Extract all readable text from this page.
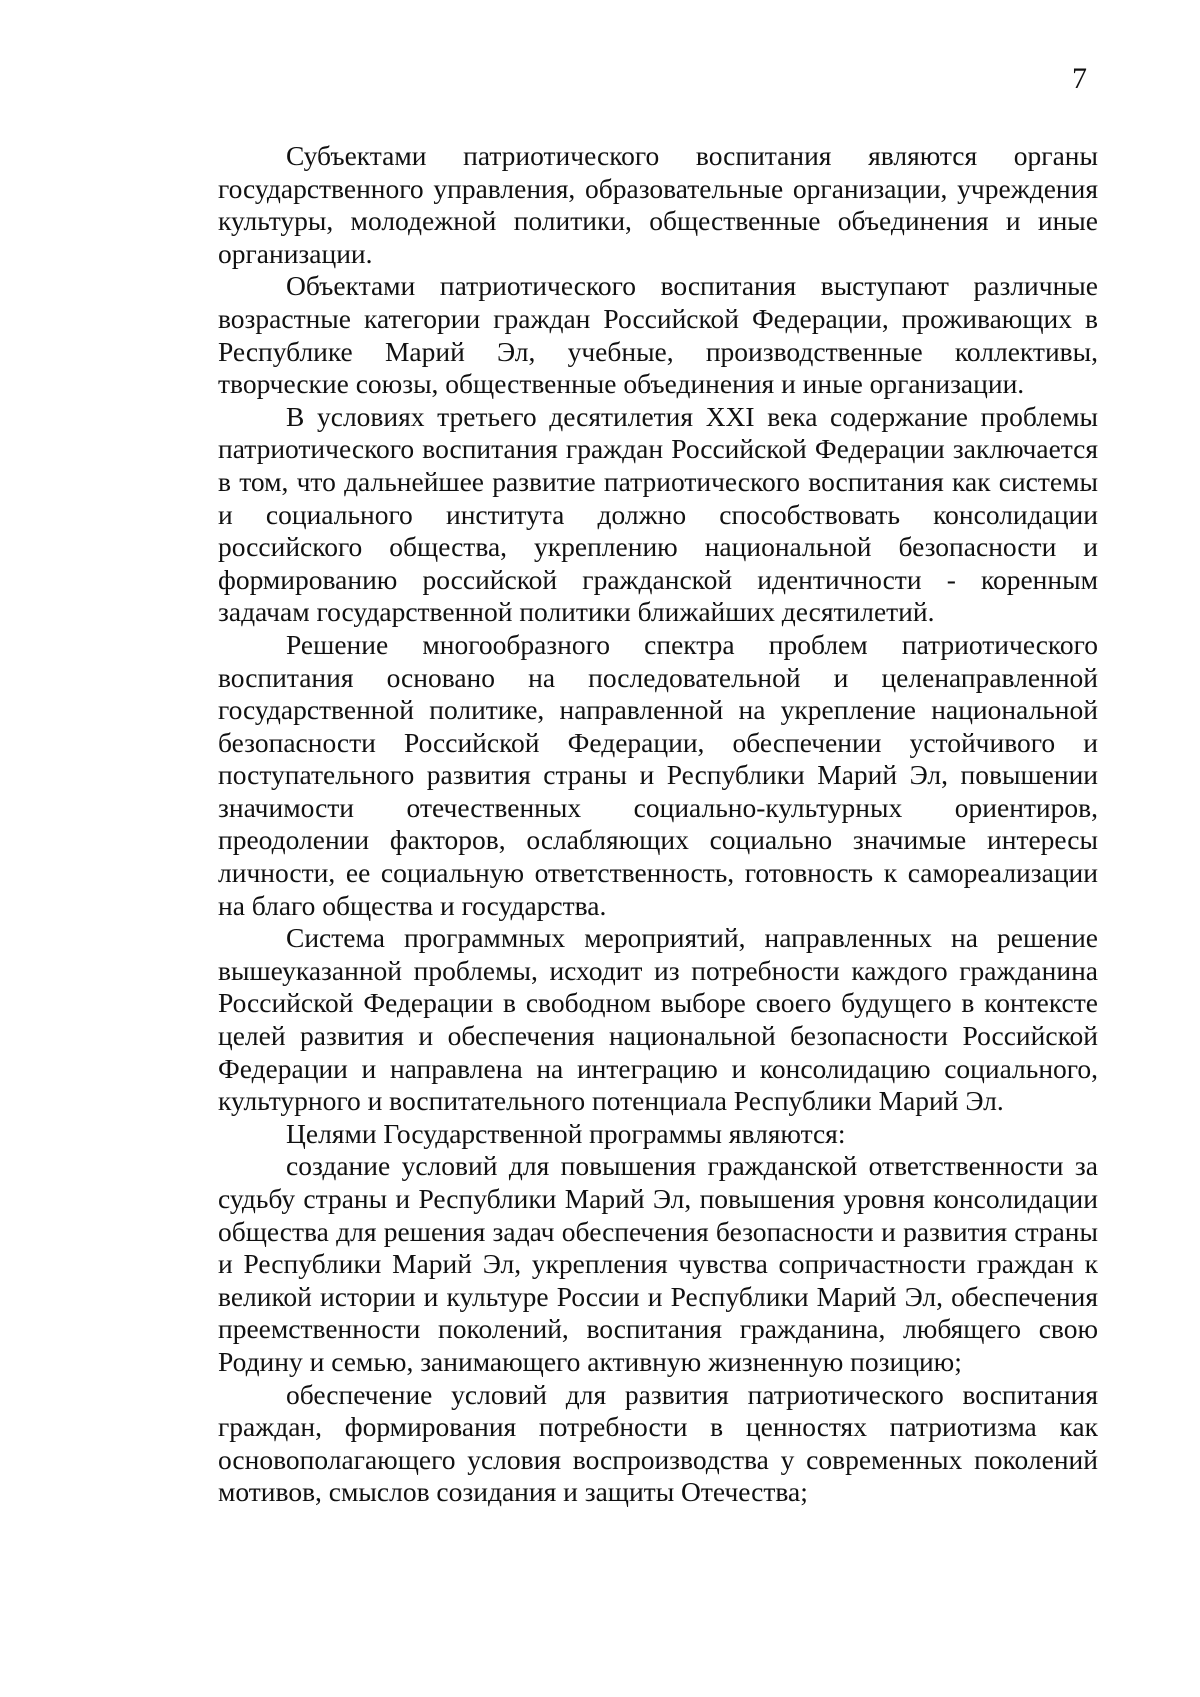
7

Субъектами патриотического воспитания являются органы государственного управления, образовательные организации, учреждения культуры, молодежной политики, общественные объединения и иные организации.

Объектами патриотического воспитания выступают различные возрастные категории граждан Российской Федерации, проживающих в Республике Марий Эл, учебные, производственные коллективы, творческие союзы, общественные объединения и иные организации.

В условиях третьего десятилетия XXI века содержание проблемы патриотического воспитания граждан Российской Федерации заключается в том, что дальнейшее развитие патриотического воспитания как системы и социального института должно способствовать консолидации российского общества, укреплению национальной безопасности и формированию российской гражданской идентичности - коренным задачам государственной политики ближайших десятилетий.

Решение многообразного спектра проблем патриотического воспитания основано на последовательной и целенаправленной государственной политике, направленной на укрепление национальной безопасности Российской Федерации, обеспечении устойчивого и поступательного развития страны и Республики Марий Эл, повышении значимости отечественных социально-культурных ориентиров, преодолении факторов, ослабляющих социально значимые интересы личности, ее социальную ответственность, готовность к самореализации на благо общества и государства.

Система программных мероприятий, направленных на решение вышеуказанной проблемы, исходит из потребности каждого гражданина Российской Федерации в свободном выборе своего будущего в контексте целей развития и обеспечения национальной безопасности Российской Федерации и направлена на интеграцию и консолидацию социального, культурного и воспитательного потенциала Республики Марий Эл.

Целями Государственной программы являются:

создание условий для повышения гражданской ответственности за судьбу страны и Республики Марий Эл, повышения уровня консолидации общества для решения задач обеспечения безопасности и развития страны и Республики Марий Эл, укрепления чувства сопричастности граждан к великой истории и культуре России и Республики Марий Эл, обеспечения преемственности поколений, воспитания гражданина, любящего свою Родину и семью, занимающего активную жизненную позицию;

обеспечение условий для развития патриотического воспитания граждан, формирования потребности в ценностях патриотизма как основополагающего условия воспроизводства у современных поколений мотивов, смыслов созидания и защиты Отечества;
